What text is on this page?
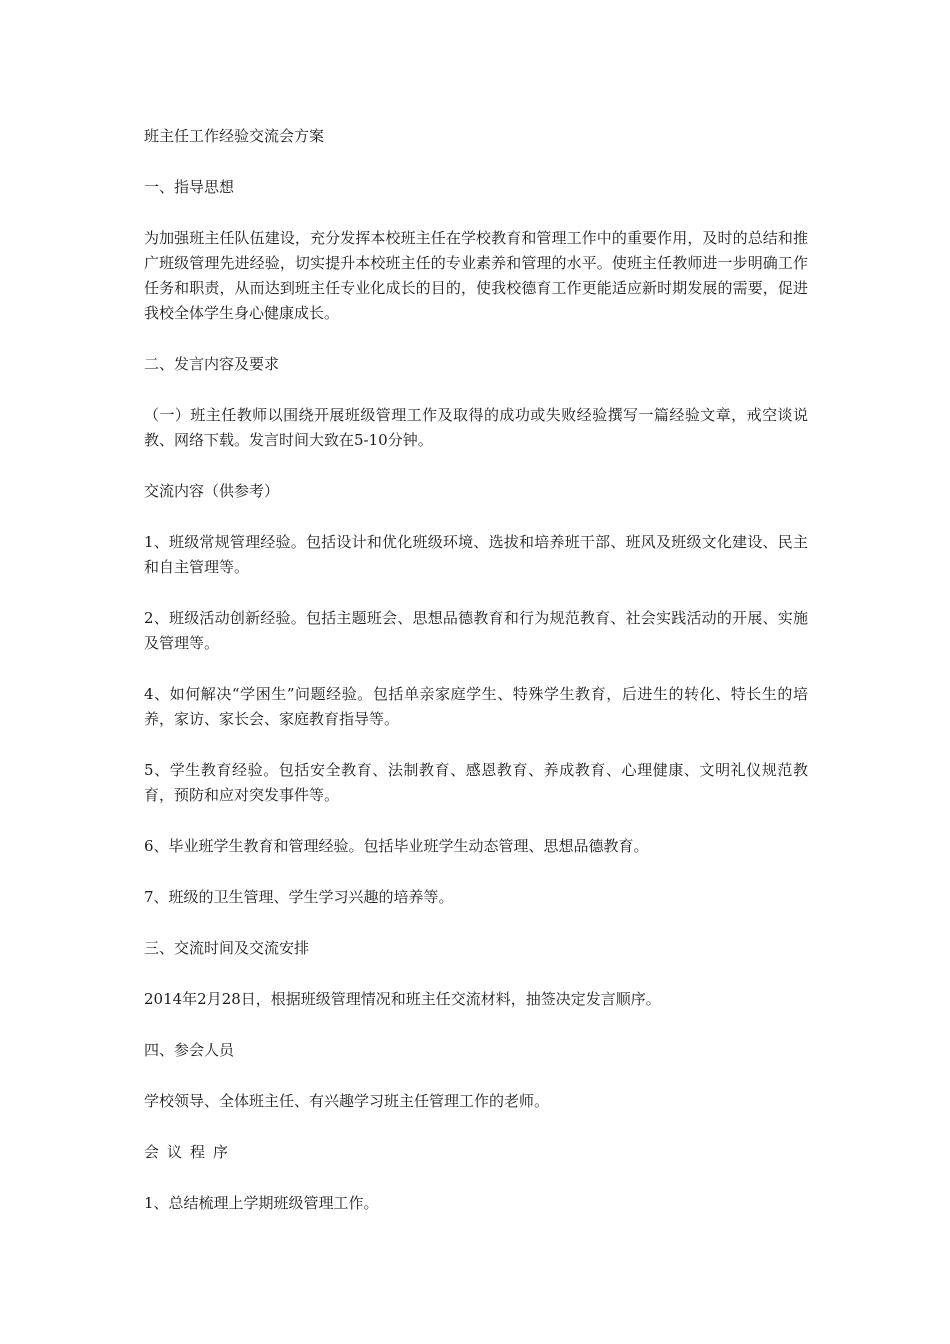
班主任工作经验交流会方案

一、指导思想

为加强班主任队伍建设，充分发挥本校班主任在学校教育和管理工作中的重要作用，及时的总结和推广班级管理先进经验，切实提升本校班主任的专业素养和管理的水平。使班主任教师进一步明确工作任务和职责，从而达到班主任专业化成长的目的，使我校德育工作更能适应新时期发展的需要，促进我校全体学生身心健康成长。

二、发言内容及要求

（一）班主任教师以围绕开展班级管理工作及取得的成功或失败经验撰写一篇经验文章，戒空谈说教、网络下载。发言时间大致在5-10分钟。

交流内容（供参考）

1、班级常规管理经验。包括设计和优化班级环境、选拔和培养班干部、班风及班级文化建设、民主和自主管理等。

2、班级活动创新经验。包括主题班会、思想品德教育和行为规范教育、社会实践活动的开展、实施及管理等。

4、如何解决“学困生”问题经验。包括单亲家庭学生、特殊学生教育，后进生的转化、特长生的培养，家访、家长会、家庭教育指导等。

5、学生教育经验。包括安全教育、法制教育、感恩教育、养成教育、心理健康、文明礼仪规范教育，预防和应对突发事件等。

6、毕业班学生教育和管理经验。包括毕业班学生动态管理、思想品德教育。

7、班级的卫生管理、学生学习兴趣的培养等。

三、交流时间及交流安排

2014年2月28日，根据班级管理情况和班主任交流材料，抽签决定发言顺序。

四、参会人员

学校领导、全体班主任、有兴趣学习班主任管理工作的老师。

会议程序

1、总结梳理上学期班级管理工作。
